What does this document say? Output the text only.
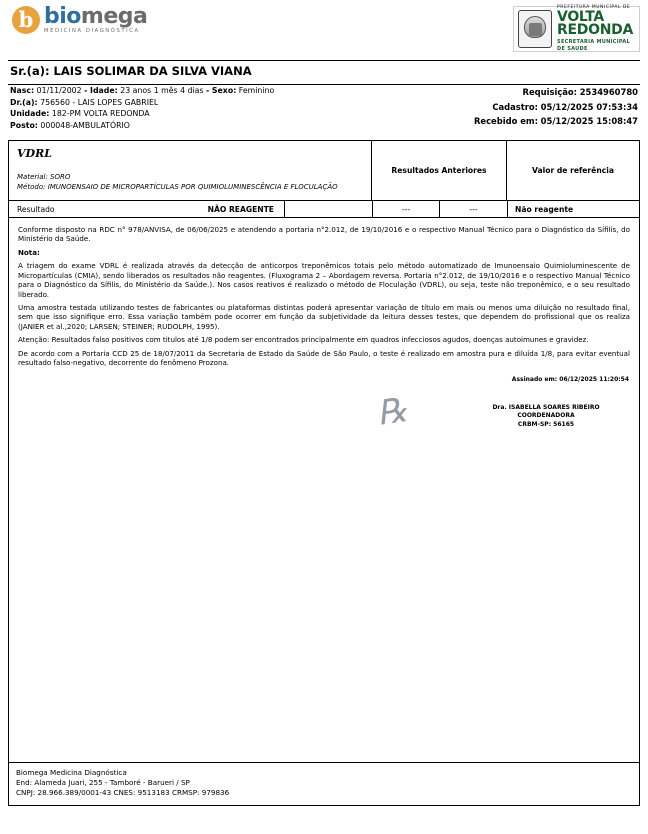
b biomega
MEDICINA DIAGNÓSTICA
PREFEITURA MUNICIPAL DE
VOLTA
REDONDA
SECRETARIA MUNICIPAL
DE SAUDE
Sr.(a): LAIS SOLIMAR DA SILVA VIANA
Nasc: 01/11/2002 - Idade: 23 anos 1 mês 4 dias - Sexo: Feminino
Dr.(a): 756560 - LAIS LOPES GABRIEL
Unidade: 182-PM VOLTA REDONDA
Posto: 000048-AMBULATÓRIO
Requisição: 2534960780
Cadastro: 05/12/2025 07:53:34
Recebido em: 05/12/2025 15:08:47
VDRL
Material: SORO
Método: IMUNOENSAIO DE MICROPARTÍCULAS POR QUIMIOLUMINESCÊNCIA E FLOCULAÇÃO
Resultados Anteriores	Valor de referência
Resultado	NÃO REAGENTE	---	---	Não reagente

Conforme disposto na RDC n° 978/ANVISA, de 06/06/2025 e atendendo a portaria n°2.012, de 19/10/2016 e o respectivo Manual Técnico para o Diagnóstico da Sífilis, do Ministério da Saúde.

Nota:

A triagem do exame VDRL é realizada através da detecção de anticorpos treponêmicos totais pelo método automatizado de Imunoensaio Quimioluminescente de Micropartículas (CMIA), sendo liberados os resultados não reagentes. (Fluxograma 2 – Abordagem reversa. Portaria n°2.012, de 19/10/2016 e o respectivo Manual Técnico para o Diagnóstico da Sífilis, do Ministério da Saúde.). Nos casos reativos é realizado o método de Floculação (VDRL), ou seja, teste não treponêmico, e o seu resultado liberado.

Uma amostra testada utilizando testes de fabricantes ou plataformas distintas poderá apresentar variação de título em mais ou menos uma diluição no resultado final, sem que isso signifique erro. Essa variação também pode ocorrer em função da subjetividade da leitura desses testes, que dependem do profissional que os realiza (JANIER et al.,2020; LARSEN; STEINER; RUDOLPH, 1995).

Atenção: Resultados falso positivos com titulos até 1/8 podem ser encontrados principalmente em quadros infecciosos agudos, doenças autoimunes e gravidez.

De acordo com a Portaria CCD 25 de 18/07/2011 da Secretaria de Estado da Saúde de São Paulo, o teste é realizado em amostra pura e diluída 1/8, para evitar eventual resultado falso-negativo, decorrente do fenômeno Prozona.

Assinado em: 06/12/2025 11:20:54
℞	Dra. ISABELLA SOARES RIBEIRO
COORDENADORA
CRBM-SP: 56165
Biomega Medicina Diagnóstica
End: Alameda Juari, 255 - Tamboré - Barueri / SP
CNPJ: 28.966.389/0001-43 CNES: 9513183 CRMSP: 979836
